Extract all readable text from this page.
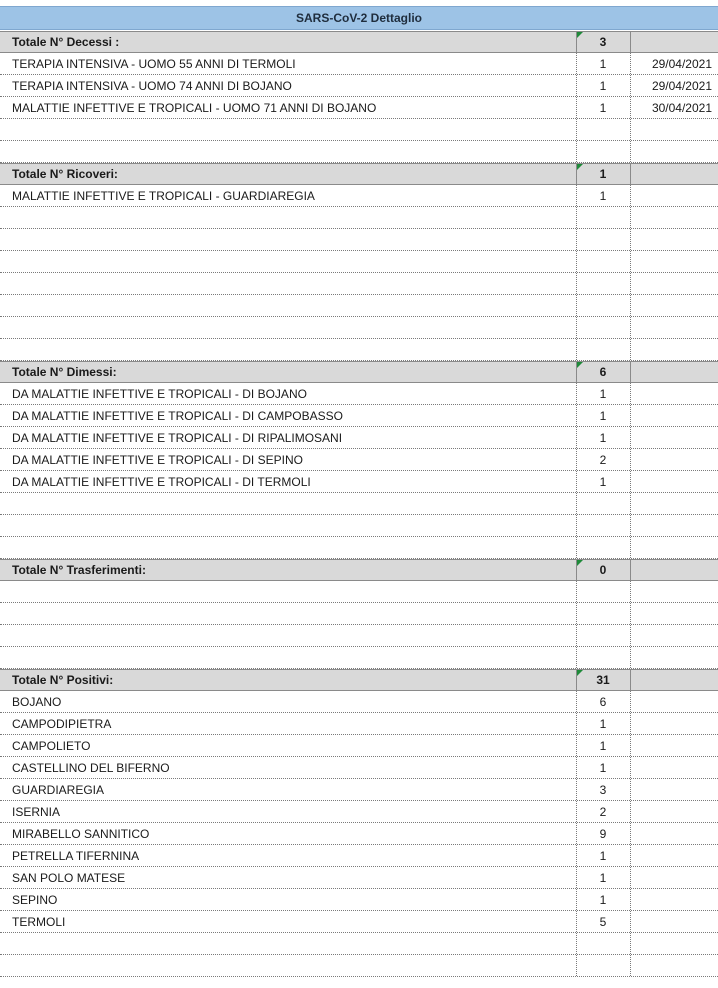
SARS-CoV-2 Dettaglio
Totale N° Decessi :	3
TERAPIA INTENSIVA - UOMO 55 ANNI DI TERMOLI	1	29/04/2021
TERAPIA INTENSIVA - UOMO 74 ANNI DI BOJANO	1	29/04/2021
MALATTIE INFETTIVE E TROPICALI - UOMO 71 ANNI DI BOJANO	1	30/04/2021
Totale N° Ricoveri:	1
MALATTIE INFETTIVE E TROPICALI - GUARDIAREGIA	1
Totale N° Dimessi:	6
DA MALATTIE INFETTIVE E TROPICALI - DI BOJANO	1
DA MALATTIE INFETTIVE E TROPICALI - DI CAMPOBASSO	1
DA MALATTIE INFETTIVE E TROPICALI - DI RIPALIMOSANI	1
DA MALATTIE INFETTIVE E TROPICALI - DI SEPINO	2
DA MALATTIE INFETTIVE E TROPICALI - DI TERMOLI	1
Totale N° Trasferimenti:	0
Totale N° Positivi:	31
BOJANO	6
CAMPODIPIETRA	1
CAMPOLIETO	1
CASTELLINO DEL BIFERNO	1
GUARDIAREGIA	3
ISERNIA	2
MIRABELLO SANNITICO	9
PETRELLA TIFERNINA	1
SAN POLO MATESE	1
SEPINO	1
TERMOLI	5
